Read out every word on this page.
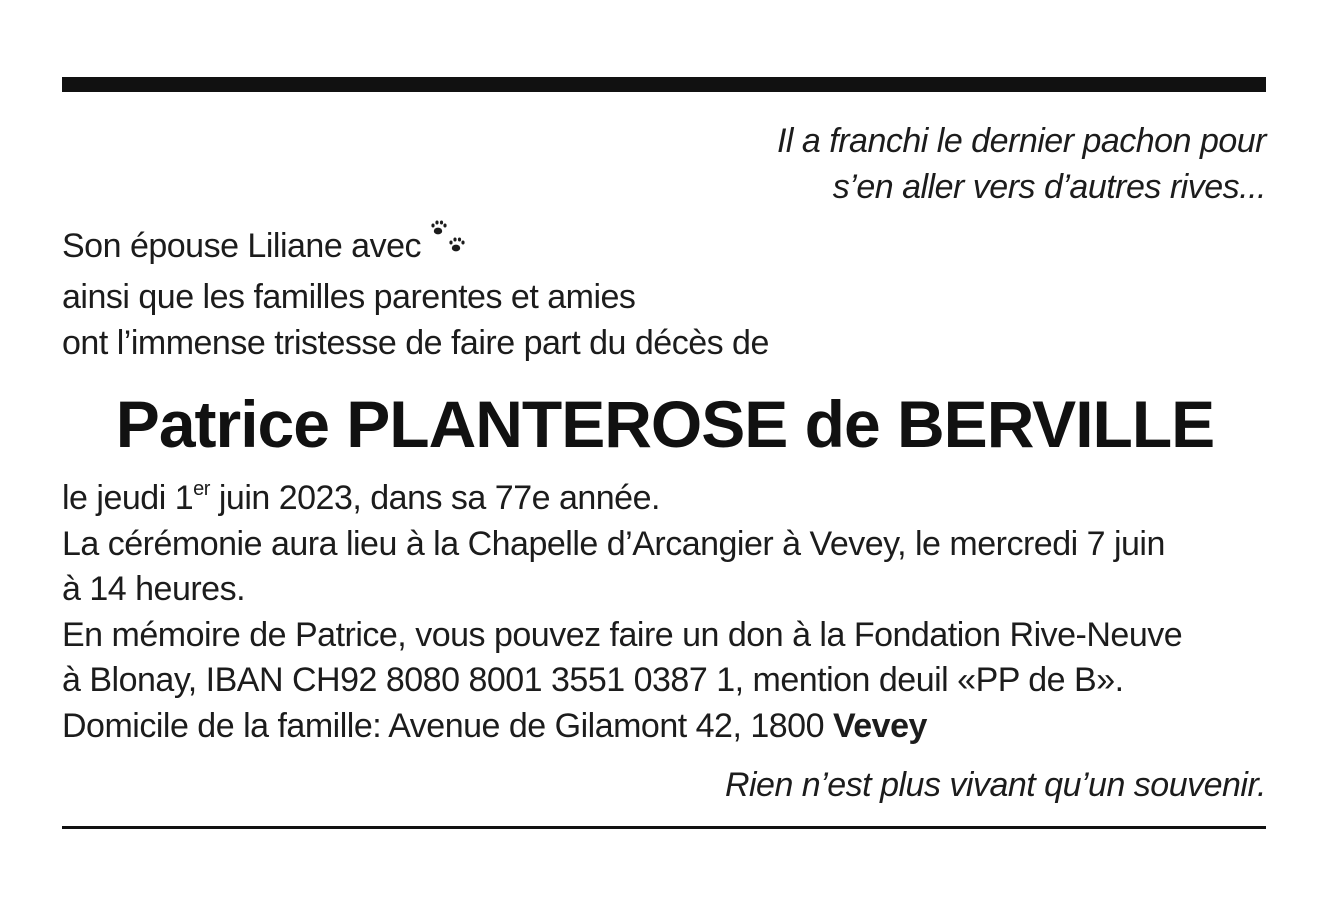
Il a franchi le dernier pachon pour
s’en aller vers d’autres rives...
Son épouse Liliane avec
ainsi que les familles parentes et amies
ont l’immense tristesse de faire part du décès de
Patrice PLANTEROSE de BERVILLE
le jeudi 1er juin 2023, dans sa 77e année.
La cérémonie aura lieu à la Chapelle d’Arcangier à Vevey, le mercredi 7 juin
à 14 heures.
En mémoire de Patrice, vous pouvez faire un don à la Fondation Rive-Neuve
à Blonay, IBAN CH92 8080 8001 3551 0387 1, mention deuil «PP de B».
Domicile de la famille: Avenue de Gilamont 42, 1800 Vevey
Rien n’est plus vivant qu’un souvenir.
